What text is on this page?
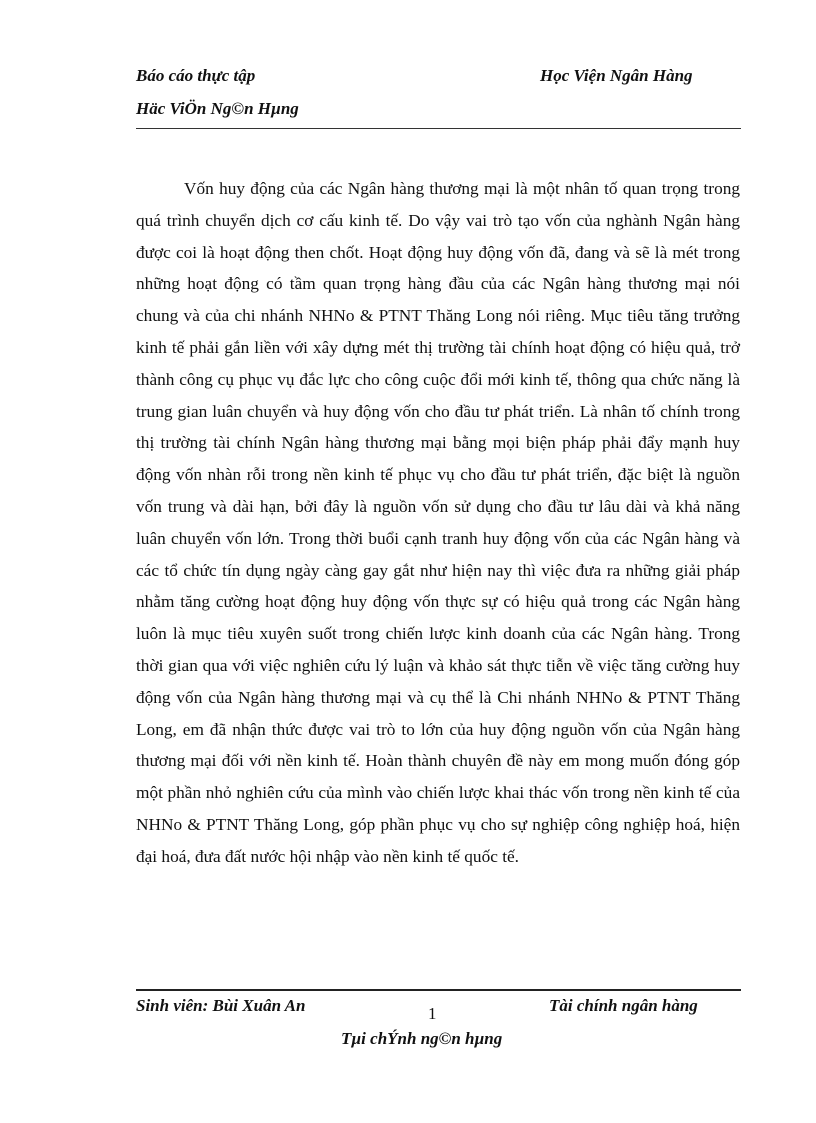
Báo cáo thực tập	Học Viện Ngân Hàng
Häc ViÖn Ng©n Hµng

Vốn huy động của các Ngân hàng thương mại là một nhân tố quan trọng trong quá trình chuyển dịch cơ cấu kinh tế. Do vậy vai trò tạo vốn của nghành Ngân hàng được coi là hoạt động then chốt. Hoạt động huy động vốn đã, đang và sẽ là mét trong những hoạt động có tầm quan trọng hàng đầu của các Ngân hàng thương mại nói chung và của chi nhánh NHNo & PTNT Thăng Long nói riêng. Mục tiêu tăng trưởng kinh tế phải gắn liền với xây dựng mét thị trường tài chính hoạt động có hiệu quả, trở thành công cụ phục vụ đắc lực cho công cuộc đổi mới kinh tế, thông qua chức năng là trung gian luân chuyển và huy động vốn cho đầu tư phát triển. Là nhân tố chính trong thị trường tài chính Ngân hàng thương mại bằng mọi biện pháp phải đẩy mạnh huy động vốn nhàn rỗi trong nền kinh tế phục vụ cho đầu tư phát triển, đặc biệt là nguồn vốn trung và dài hạn, bởi đây là nguồn vốn sử dụng cho đầu tư lâu dài và khả năng luân chuyển vốn lớn. Trong thời buổi cạnh tranh huy động vốn của các Ngân hàng và các tổ chức tín dụng ngày càng gay gắt như hiện nay thì việc đưa ra những giải pháp nhằm tăng cường hoạt động huy động vốn thực sự có hiệu quả trong các Ngân hàng luôn là mục tiêu xuyên suốt trong chiến lược kinh doanh của các Ngân hàng. Trong thời gian qua với việc nghiên cứu lý luận và khảo sát thực tiễn về việc tăng cường huy động vốn của Ngân hàng thương mại và cụ thể là Chi nhánh NHNo & PTNT Thăng Long, em đã nhận thức được vai trò to lớn của huy động nguồn vốn của Ngân hàng thương mại đối với nền kinh tế. Hoàn thành chuyên đề này em mong muốn đóng góp một phần nhỏ nghiên cứu của mình vào chiến lược khai thác vốn trong nền kinh tế của NHNo & PTNT Thăng Long, góp phần phục vụ cho sự nghiệp công nghiệp hoá, hiện đại hoá, đưa đất nước hội nhập vào nền kinh tế quốc tế.

Sinh viên: Bùi Xuân An	1	Tài chính ngân hàng
Tµi chÝnh ng©n hµng
